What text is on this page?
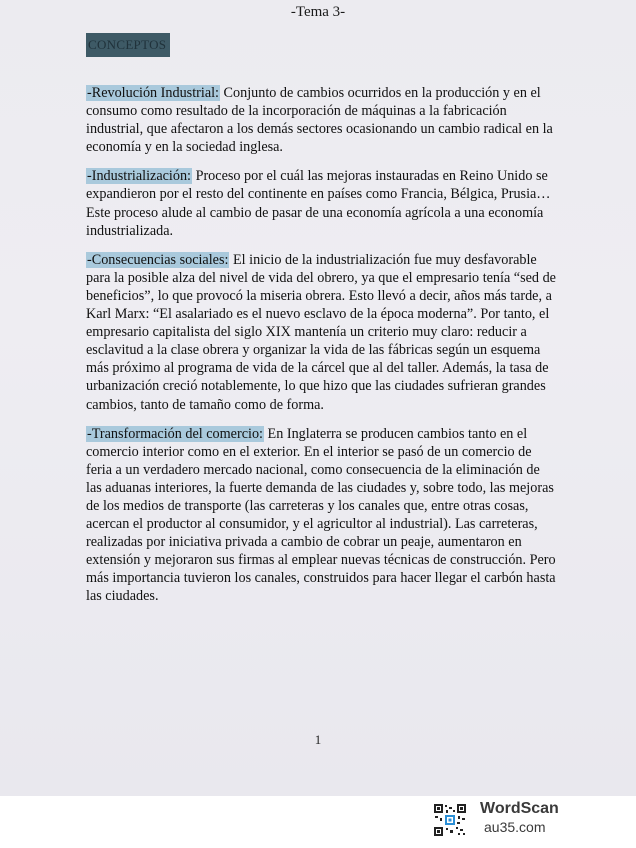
-Tema 3-
CONCEPTOS

-Revolución Industrial: Conjunto de cambios ocurridos en la producción y en el consumo como resultado de la incorporación de máquinas a la fabricación industrial, que afectaron a los demás sectores ocasionando un cambio radical en la economía y en la sociedad inglesa.

-Industrialización: Proceso por el cuál las mejoras instauradas en Reino Unido se expandieron por el resto del continente en países como Francia, Bélgica, Prusia… Este proceso alude al cambio de pasar de una economía agrícola a una economía industrializada.

-Consecuencias sociales: El inicio de la industrialización fue muy desfavorable para la posible alza del nivel de vida del obrero, ya que el empresario tenía “sed de beneficios”, lo que provocó la miseria obrera. Esto llevó a decir, años más tarde, a Karl Marx: “El asalariado es el nuevo esclavo de la época moderna”. Por tanto, el empresario capitalista del siglo XIX mantenía un criterio muy claro: reducir a esclavitud a la clase obrera y organizar la vida de las fábricas según un esquema más próximo al programa de vida de la cárcel que al del taller. Además, la tasa de urbanización creció notablemente, lo que hizo que las ciudades sufrieran grandes cambios, tanto de tamaño como de forma.

-Transformación del comercio: En Inglaterra se producen cambios tanto en el comercio interior como en el exterior. En el interior se pasó de un comercio de feria a un verdadero mercado nacional, como consecuencia de la eliminación de las aduanas interiores, la fuerte demanda de las ciudades y, sobre todo, las mejoras de los medios de transporte (las carreteras y los canales que, entre otras cosas, acercan el productor al consumidor, y el agricultor al industrial). Las carreteras, realizadas por iniciativa privada a cambio de cobrar un peaje, aumentaron en extensión y mejoraron sus firmas al emplear nuevas técnicas de construcción. Pero más importancia tuvieron los canales, construidos para hacer llegar el carbón hasta las ciudades.

1
WordScan
au35.com
